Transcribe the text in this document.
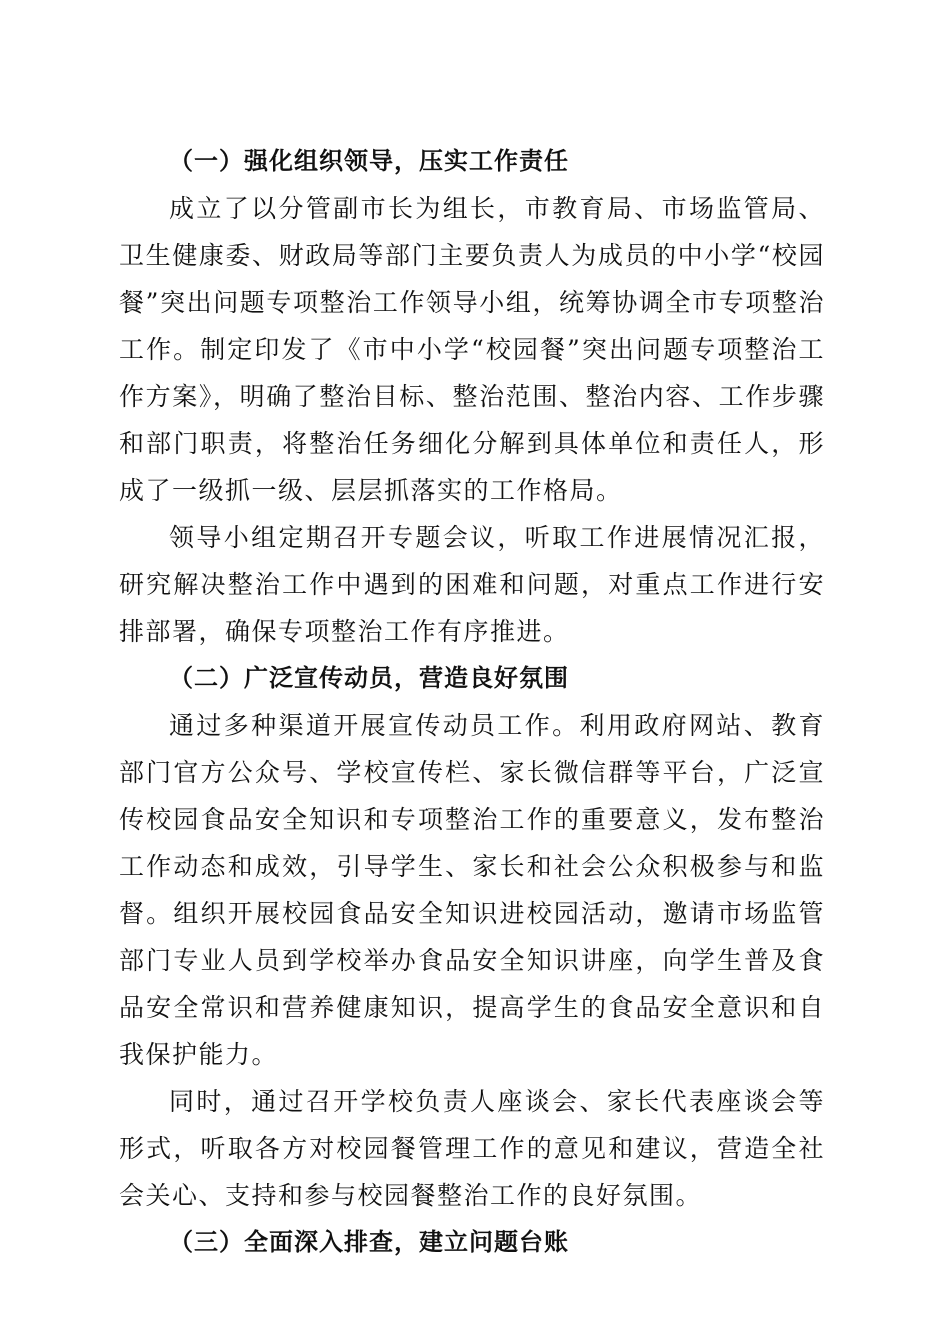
（一）强化组织领导，压实工作责任

成立了以分管副市长为组长，市教育局、市场监管局、卫生健康委、财政局等部门主要负责人为成员的中小学“校园餐”突出问题专项整治工作领导小组，统筹协调全市专项整治工作。制定印发了《市中小学“校园餐”突出问题专项整治工作方案》，明确了整治目标、整治范围、整治内容、工作步骤和部门职责，将整治任务细化分解到具体单位和责任人，形成了一级抓一级、层层抓落实的工作格局。

领导小组定期召开专题会议，听取工作进展情况汇报，研究解决整治工作中遇到的困难和问题，对重点工作进行安排部署，确保专项整治工作有序推进。

（二）广泛宣传动员，营造良好氛围

通过多种渠道开展宣传动员工作。利用政府网站、教育部门官方公众号、学校宣传栏、家长微信群等平台，广泛宣传校园食品安全知识和专项整治工作的重要意义，发布整治工作动态和成效，引导学生、家长和社会公众积极参与和监督。组织开展校园食品安全知识进校园活动，邀请市场监管部门专业人员到学校举办食品安全知识讲座，向学生普及食品安全常识和营养健康知识，提高学生的食品安全意识和自我保护能力。

同时，通过召开学校负责人座谈会、家长代表座谈会等形式，听取各方对校园餐管理工作的意见和建议，营造全社会关心、支持和参与校园餐整治工作的良好氛围。

（三）全面深入排查，建立问题台账
